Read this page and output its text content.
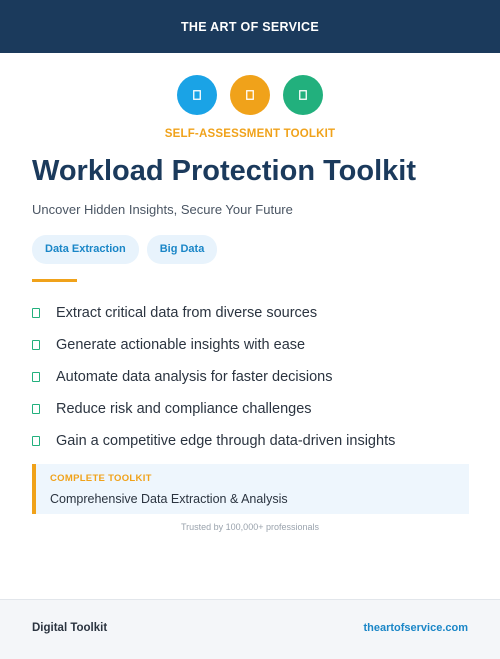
THE ART OF SERVICE
SELF-ASSESSMENT TOOLKIT
Workload Protection Toolkit
Uncover Hidden Insights, Secure Your Future
Data Extraction	Big Data
Extract critical data from diverse sources
Generate actionable insights with ease
Automate data analysis for faster decisions
Reduce risk and compliance challenges
Gain a competitive edge through data-driven insights
COMPLETE TOOLKIT
Comprehensive Data Extraction & Analysis
Trusted by 100,000+ professionals
Digital Toolkit	theartofservice.com
